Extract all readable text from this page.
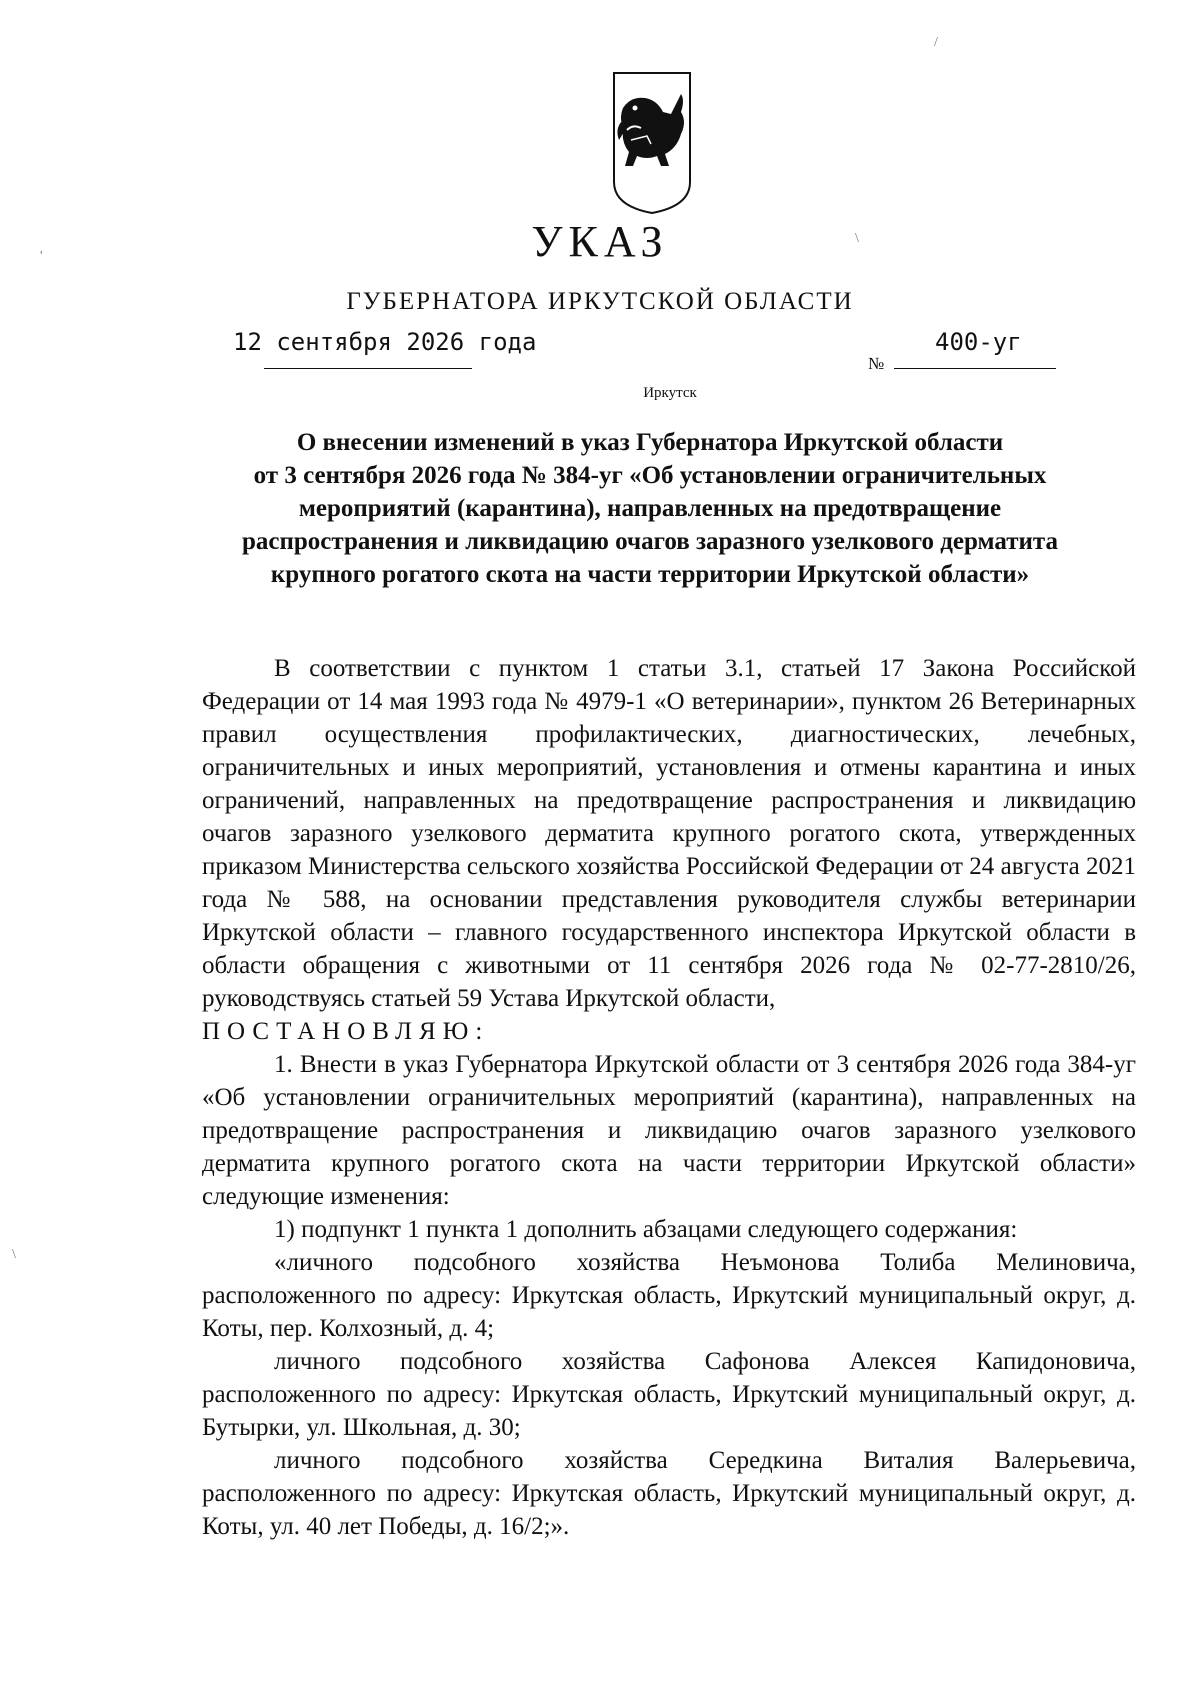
УКАЗ
ГУБЕРНАТОРА ИРКУТСКОЙ ОБЛАСТИ
12 сентября 2026 года
№
400-уг
Иркутск
О внесении изменений в указ Губернатора Иркутской области
от 3 сентября 2026 года № 384-уг «Об установлении ограничительных
мероприятий (карантина), направленных на предотвращение
распространения и ликвидацию очагов заразного узелкового дерматита
крупного рогатого скота на части территории Иркутской области»

В соответствии с пунктом 1 статьи 3.1, статьей 17 Закона Российской Федерации от 14 мая 1993 года № 4979-1 «О ветеринарии», пунктом 26 Ветеринарных правил осуществления профилактических, диагностических, лечебных, ограничительных и иных мероприятий, установления и отмены карантина и иных ограничений, направленных на предотвращение распространения и ликвидацию очагов заразного узелкового дерматита крупного рогатого скота, утвержденных приказом Министерства сельского хозяйства Российской Федерации от 24 августа 2021 года № 588, на основании представления руководителя службы ветеринарии Иркутской области – главного государственного инспектора Иркутской области в области обращения с животными от 11 сентября 2026 года № 02-77-2810/26, руководствуясь статьей 59 Устава Иркутской области,

ПОСТАНОВЛЯЮ:

1. Внести в указ Губернатора Иркутской области от 3 сентября 2026 года 384-уг «Об установлении ограничительных мероприятий (карантина), направленных на предотвращение распространения и ликвидацию очагов заразного узелкового дерматита крупного рогатого скота на части территории Иркутской области» следующие изменения:

1) подпункт 1 пункта 1 дополнить абзацами следующего содержания:

«личного подсобного хозяйства Неъмонова Толиба Мелиновича, расположенного по адресу: Иркутская область, Иркутский муниципальный округ, д. Коты, пер. Колхозный, д. 4;

личного подсобного хозяйства Сафонова Алексея Капидоновича, расположенного по адресу: Иркутская область, Иркутский муниципальный округ, д. Бутырки, ул. Школьная, д. 30;

личного подсобного хозяйства Середкина Виталия Валерьевича, расположенного по адресу: Иркутская область, Иркутский муниципальный округ, д. Коты, ул. 40 лет Победы, д. 16/2;».

/
\
'
\
